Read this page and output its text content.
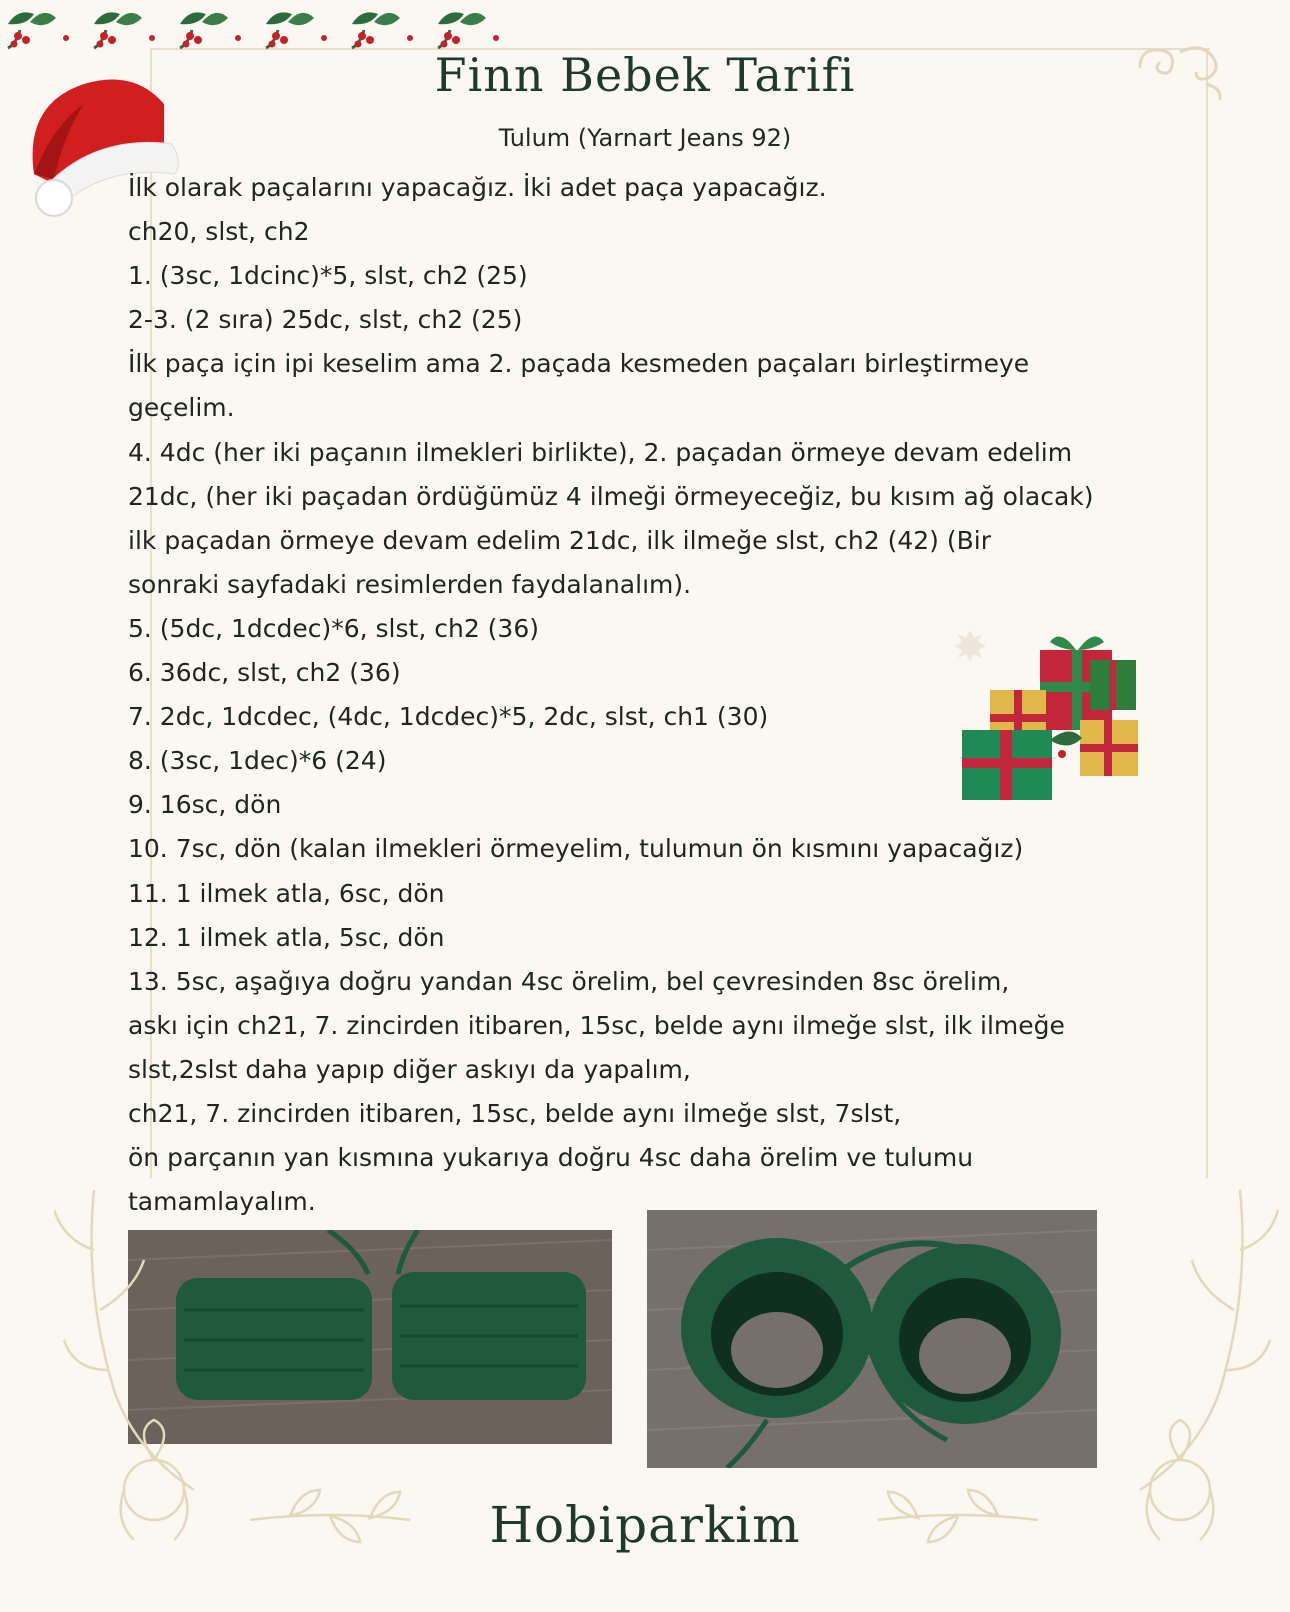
Finn Bebek Tarifi
Tulum (Yarnart Jeans 92)
İlk olarak paçalarını yapacağız. İki adet paça yapacağız.
ch20, slst, ch2
1. (3sc, 1dcinc)*5, slst, ch2 (25)
2-3. (2 sıra) 25dc, slst, ch2 (25)
İlk paça için ipi keselim ama 2. paçada kesmeden paçaları birleştirmeye
geçelim.
4. 4dc (her iki paçanın ilmekleri birlikte), 2. paçadan örmeye devam edelim
21dc, (her iki paçadan ördüğümüz 4 ilmeği örmeyeceğiz, bu kısım ağ olacak)
ilk paçadan örmeye devam edelim 21dc, ilk ilmeğe slst, ch2 (42) (Bir
sonraki sayfadaki resimlerden faydalanalım).
5. (5dc, 1dcdec)*6, slst, ch2 (36)
6. 36dc, slst, ch2 (36)
7. 2dc, 1dcdec, (4dc, 1dcdec)*5, 2dc, slst, ch1 (30)
8. (3sc, 1dec)*6 (24)
9. 16sc, dön
10. 7sc, dön (kalan ilmekleri örmeyelim, tulumun ön kısmını yapacağız)
11. 1 ilmek atla, 6sc, dön
12. 1 ilmek atla, 5sc, dön
13. 5sc, aşağıya doğru yandan 4sc örelim, bel çevresinden 8sc örelim,
askı için ch21, 7. zincirden itibaren, 15sc, belde aynı ilmeğe slst, ilk ilmeğe
slst,2slst daha yapıp diğer askıyı da yapalım,
ch21, 7. zincirden itibaren, 15sc, belde aynı ilmeğe slst, 7slst,
ön parçanın yan kısmına yukarıya doğru 4sc daha örelim ve tulumu
tamamlayalım.
Hobiparkim
